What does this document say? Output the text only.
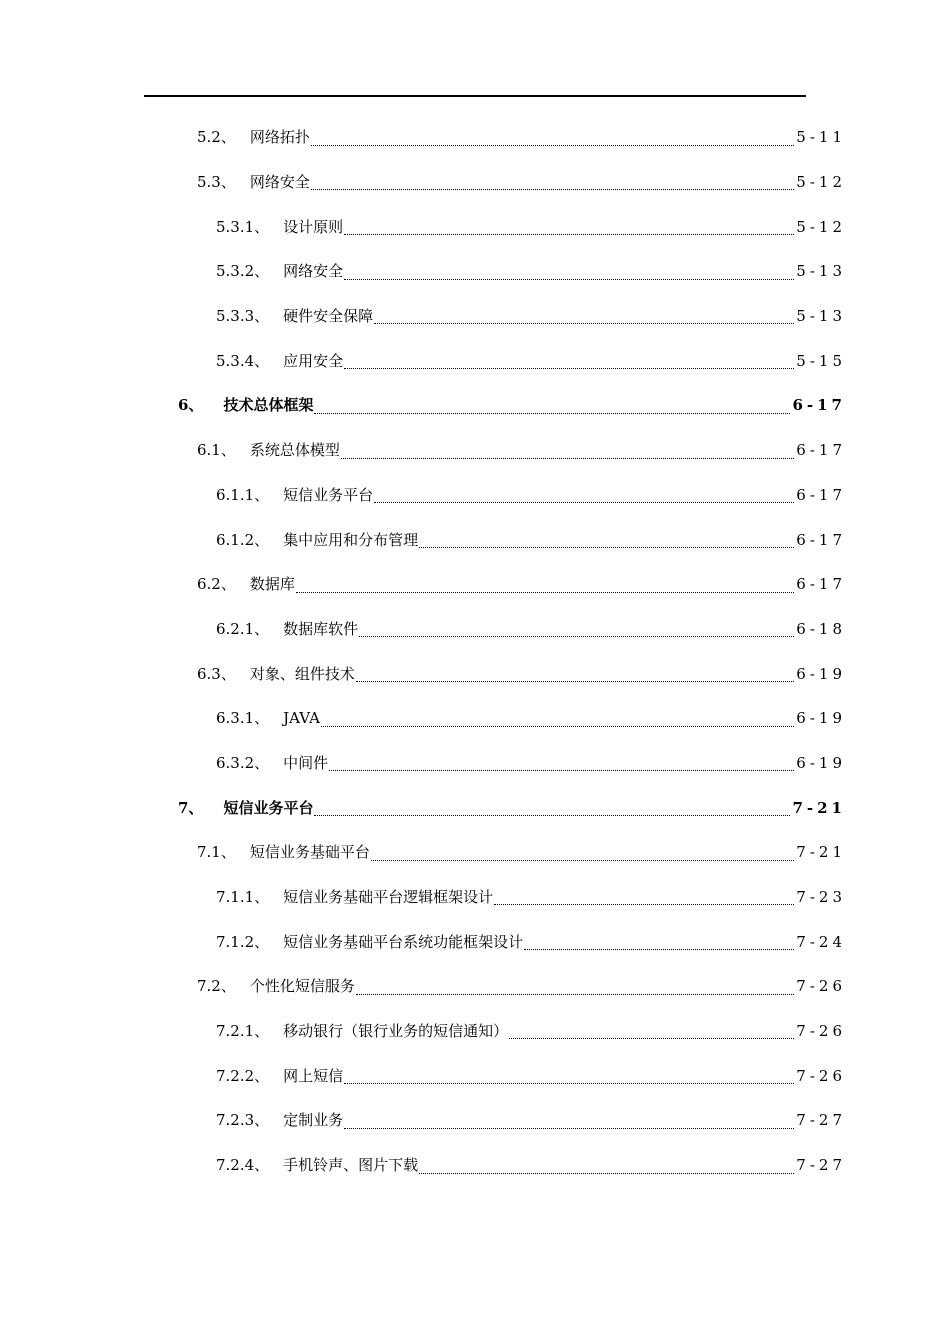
5.2、 网络拓扑	5-11
5.3、 网络安全	5-12
5.3.1、 设计原则	5-12
5.3.2、 网络安全	5-13
5.3.3、 硬件安全保障	5-13
5.3.4、 应用安全	5-15
6、 技术总体框架	6-17
6.1、 系统总体模型	6-17
6.1.1、 短信业务平台	6-17
6.1.2、 集中应用和分布管理	6-17
6.2、 数据库	6-17
6.2.1、 数据库软件	6-18
6.3、 对象、组件技术	6-19
6.3.1、 JAVA	6-19
6.3.2、 中间件	6-19
7、 短信业务平台	7-21
7.1、 短信业务基础平台	7-21
7.1.1、 短信业务基础平台逻辑框架设计	7-23
7.1.2、 短信业务基础平台系统功能框架设计	7-24
7.2、 个性化短信服务	7-26
7.2.1、 移动银行（银行业务的短信通知）	7-26
7.2.2、 网上短信	7-26
7.2.3、 定制业务	7-27
7.2.4、 手机铃声、图片下载	7-27
